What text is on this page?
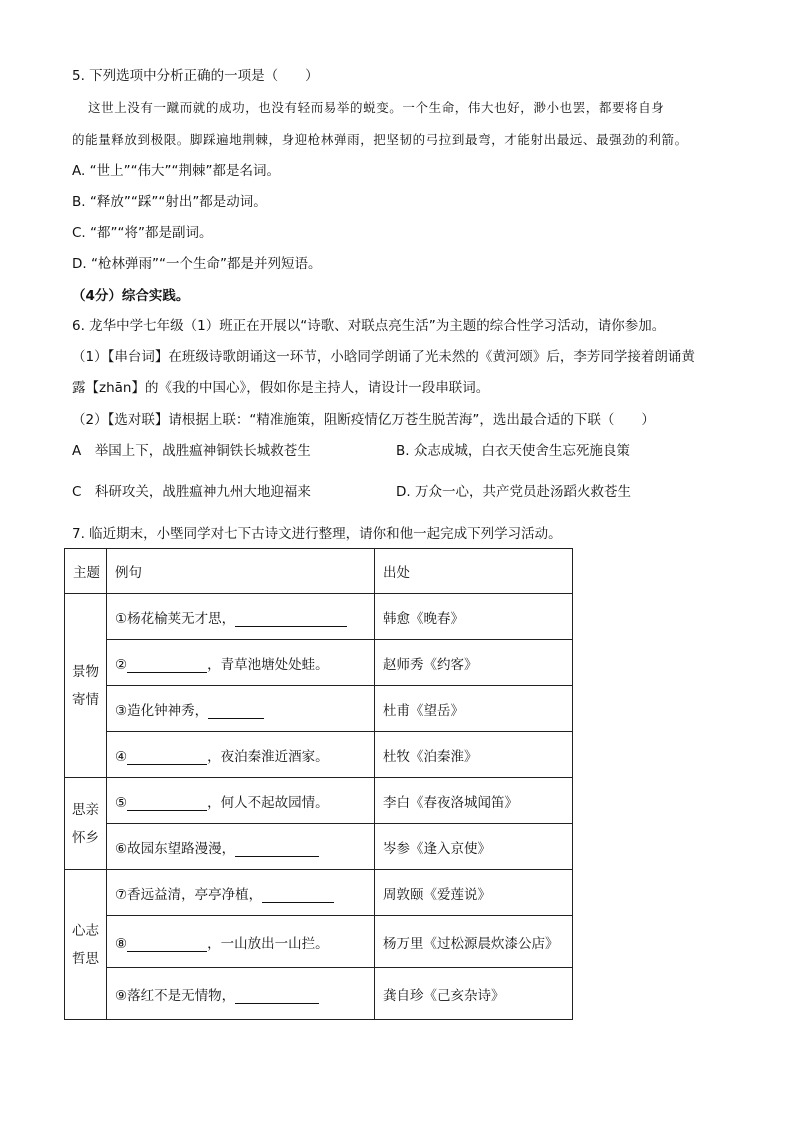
5. 下列选项中分析正确的一项是（　　）
这世上没有一蹴而就的成功，也没有轻而易举的蜕变。一个生命，伟大也好，渺小也罢，都要将自身
的能量释放到极限。脚踩遍地荆棘，身迎枪林弹雨，把坚韧的弓拉到最弯，才能射出最远、最强劲的利箭。
A. “世上”“伟大”“荆棘”都是名词。
B. “释放”“踩”“射出”都是动词。
C. “都”“将”都是副词。
D. “枪林弹雨”“一个生命”都是并列短语。
（4分）综合实践。
6. 龙华中学七年级（1）班正在开展以“诗歌、对联点亮生活”为主题的综合性学习活动，请你参加。
（1）【串台词】在班级诗歌朗诵这一环节，小晗同学朗诵了光未然的《黄河颂》后，李芳同学接着朗诵黄
露【zhān】的《我的中国心》，假如你是主持人，请设计一段串联词。
（2）【选对联】请根据上联：“精准施策，阻断疫情亿万苍生脱苦海”，选出最合适的下联（　　）
A　举国上下，战胜瘟神铜铁长城救苍生	B. 众志成城，白衣天使舍生忘死施良策
C　科研攻关，战胜瘟神九州大地迎福来	D. 万众一心，共产党员赴汤蹈火救苍生
7. 临近期末，小塈同学对七下古诗文进行整理，请你和他一起完成下列学习活动。
主题	例句	出处
景物
寄情	①杨花榆荚无才思，	韩愈《晚春》
	② ，青草池塘处处蛙。	赵师秀《约客》
	③造化钟神秀，	杜甫《望岳》
	④ ，夜泊秦淮近酒家。	杜牧《泊秦淮》
思亲
怀乡	⑤ ，何人不起故园情。	李白《春夜洛城闻笛》
	⑥故园东望路漫漫，	岑参《逢入京使》
心志
哲思	⑦香远益清，亭亭净植，	周敦颐《爱莲说》
	⑧ ，一山放出一山拦。	杨万里《过松源晨炊漆公店》
	⑨落红不是无情物，	龚自珍《己亥杂诗》
